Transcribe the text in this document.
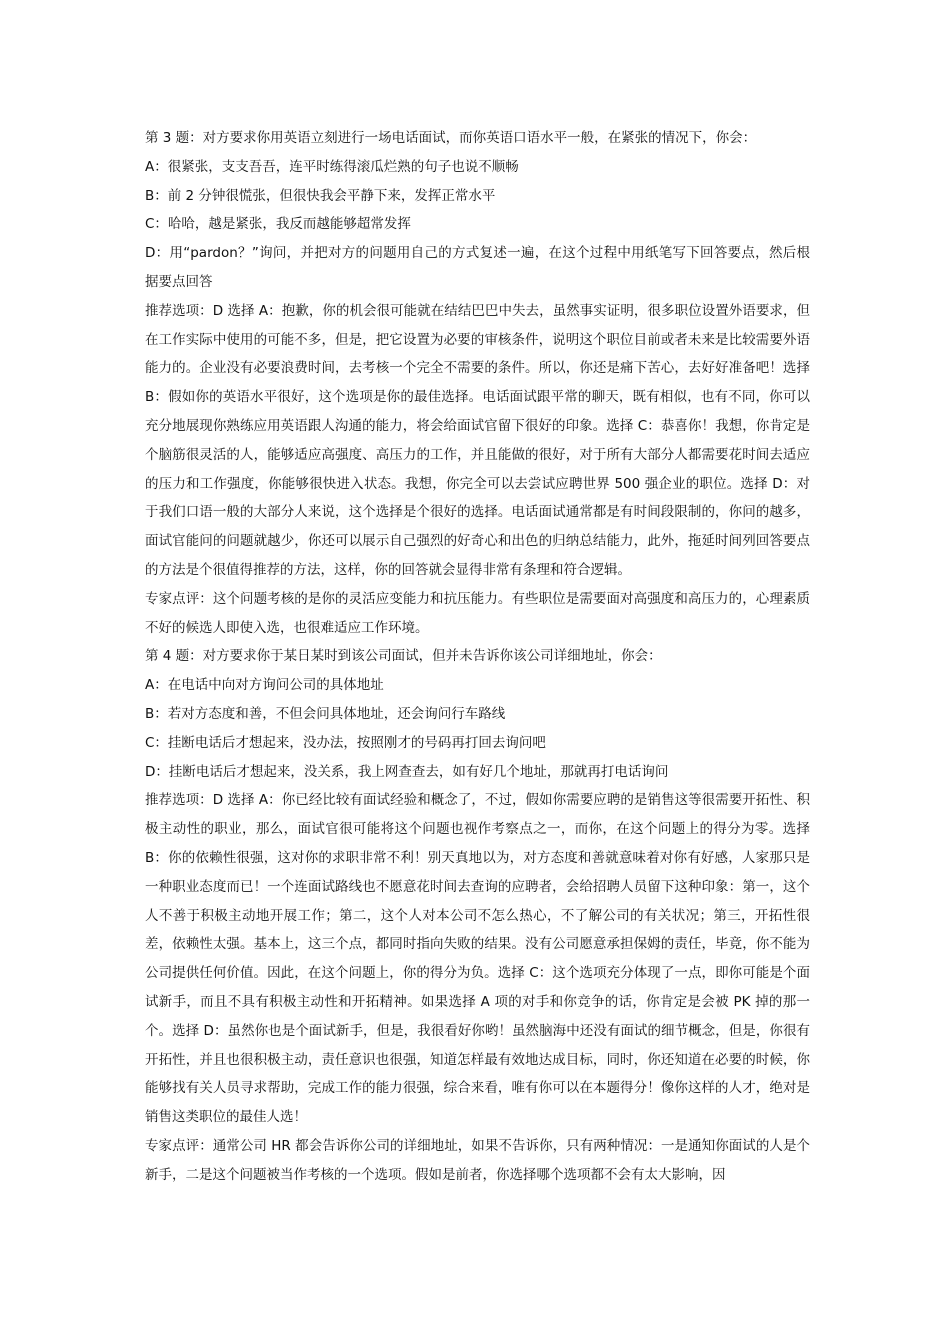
第 3 题：对方要求你用英语立刻进行一场电话面试，而你英语口语水平一般，在紧张的情况下，你会：

A：很紧张，支支吾吾，连平时练得滚瓜烂熟的句子也说不顺畅

B：前 2 分钟很慌张，但很快我会平静下来，发挥正常水平

C：哈哈，越是紧张，我反而越能够超常发挥

D：用“pardon？”询问，并把对方的问题用自己的方式复述一遍，在这个过程中用纸笔写下回答要点，然后根据要点回答

推荐选项：D 选择 A：抱歉，你的机会很可能就在结结巴巴中失去，虽然事实证明，很多职位设置外语要求，但在工作实际中使用的可能不多，但是，把它设置为必要的审核条件，说明这个职位目前或者未来是比较需要外语能力的。企业没有必要浪费时间，去考核一个完全不需要的条件。所以，你还是痛下苦心，去好好准备吧！选择 B：假如你的英语水平很好，这个选项是你的最佳选择。电话面试跟平常的聊天，既有相似，也有不同，你可以充分地展现你熟练应用英语跟人沟通的能力，将会给面试官留下很好的印象。选择 C：恭喜你！我想，你肯定是个脑筋很灵活的人，能够适应高强度、高压力的工作，并且能做的很好，对于所有大部分人都需要花时间去适应的压力和工作强度，你能够很快进入状态。我想，你完全可以去尝试应聘世界 500 强企业的职位。选择 D：对于我们口语一般的大部分人来说，这个选择是个很好的选择。电话面试通常都是有时间段限制的，你问的越多，面试官能问的问题就越少，你还可以展示自己强烈的好奇心和出色的归纳总结能力，此外，拖延时间列回答要点的方法是个很值得推荐的方法，这样，你的回答就会显得非常有条理和符合逻辑。

专家点评：这个问题考核的是你的灵活应变能力和抗压能力。有些职位是需要面对高强度和高压力的，心理素质不好的候选人即使入选，也很难适应工作环境。

第 4 题：对方要求你于某日某时到该公司面试，但并未告诉你该公司详细地址，你会：

A：在电话中向对方询问公司的具体地址

B：若对方态度和善，不但会问具体地址，还会询问行车路线

C：挂断电话后才想起来，没办法，按照刚才的号码再打回去询问吧

D：挂断电话后才想起来，没关系，我上网查查去，如有好几个地址，那就再打电话询问

推荐选项：D 选择 A：你已经比较有面试经验和概念了，不过，假如你需要应聘的是销售这等很需要开拓性、积极主动性的职业，那么，面试官很可能将这个问题也视作考察点之一，而你，在这个问题上的得分为零。选择 B：你的依赖性很强，这对你的求职非常不利！别天真地以为，对方态度和善就意味着对你有好感，人家那只是一种职业态度而已！一个连面试路线也不愿意花时间去查询的应聘者，会给招聘人员留下这种印象：第一，这个人不善于积极主动地开展工作；第二，这个人对本公司不怎么热心，不了解公司的有关状况；第三，开拓性很差，依赖性太强。基本上，这三个点，都同时指向失败的结果。没有公司愿意承担保姆的责任，毕竟，你不能为公司提供任何价值。因此，在这个问题上，你的得分为负。选择 C：这个选项充分体现了一点，即你可能是个面试新手，而且不具有积极主动性和开拓精神。如果选择 A 项的对手和你竞争的话，你肯定是会被 PK 掉的那一个。选择 D：虽然你也是个面试新手，但是，我很看好你哟！虽然脑海中还没有面试的细节概念，但是，你很有开拓性，并且也很积极主动，责任意识也很强，知道怎样最有效地达成目标，同时，你还知道在必要的时候，你能够找有关人员寻求帮助，完成工作的能力很强，综合来看，唯有你可以在本题得分！像你这样的人才，绝对是销售这类职位的最佳人选！

专家点评：通常公司 HR 都会告诉你公司的详细地址，如果不告诉你，只有两种情况：一是通知你面试的人是个新手，二是这个问题被当作考核的一个选项。假如是前者，你选择哪个选项都不会有太大影响，因
